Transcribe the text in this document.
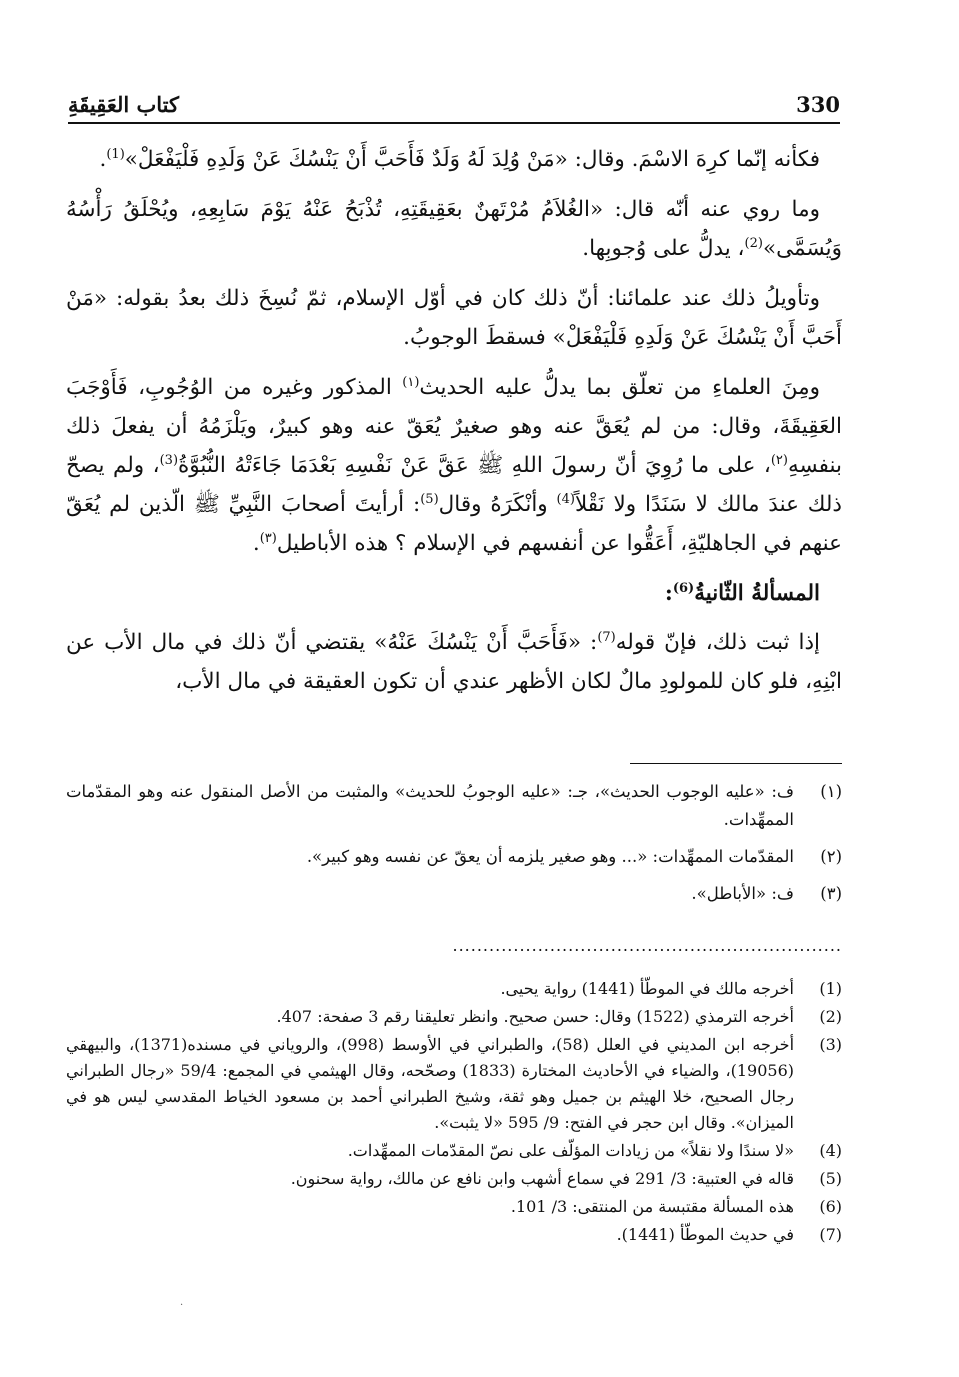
330
كتاب العَقِيقَةِ

فكأنه إنّما كرِهَ الاسْمَ. وقال: «مَنْ وُلِدَ لَهُ وَلَدٌ فَأَحَبَّ أَنْ يَنْسُكَ عَنْ وَلَدِهِ فَلْيَفْعَلْ»$^{(1)}$.

وما روي عنه أنّه قال: «الغُلاَمُ مُرْتَهنٌ بعَقِيقَتِهِ، تُذْبَحُ عَنْهُ يَوْمَ سَابِعِهِ، ويُحْلَقُ رَأْسُهُ وَيُسَمَّى»$^{(2)}$، يدلُّ على وُجوبِها.

وتأويلُ ذلك عند علمائنا: أنّ ذلك كان في أوّل الإسلام، ثمّ نُسِخَ ذلك بعدُ بقوله: «مَنْ أَحَبَّ أَنْ يَنْسُكَ عَنْ وَلَدِهِ فَلْيَفْعَلْ» فسقطَ الوجوبُ.

ومِنَ العلماءِ من تعلّق بما يدلُّ عليه الحديث$^{(١)}$ المذكور وغيره من الوُجُوبِ، فَأَوْجَبَ العَقِيقَةَ، وقال: من لم يُعَقَّ عنه وهو صغيرٌ يُعَقّ عنه وهو كبيرٌ، ويَلْزَمُهُ أن يفعلَ ذلك بنفسِهِ$^{(٢)}$، على ما رُوِيَ أنّ رسولَ اللهِ ﷺ عَقَّ عَنْ نَفْسِهِ بَعْدَمَا جَاءَتْهُ النُّبُوَّةُ$^{(3)}$، ولم يصحّ ذلك عندَ مالك لا سَنَدًا ولا نَقْلاً$^{(4)}$ وأنْكَرَهُ وقال$^{(5)}$: أرأيتَ أصحابَ النَّبِيِّ ﷺ الّذين لم يُعَقّ عنهم في الجاهليّةِ، أَعَقُّوا عن أنفسهم في الإسلام ؟ هذه الأباطيل$^{(٣)}$.

المسألةُ الثّانيةُ$^{(6)}$:

إذا ثبت ذلك، فإنّ قوله$^{(7)}$: «فَأَحَبَّ أَنْ يَنْسُكَ عَنْهُ» يقتضي أنّ ذلك في مال الأب عن ابْنِهِ، فلو كان للمولودِ مالٌ لكان الأظهر عندي أن تكون العقيقة في مال الأب،

(١)
ف: «عليه الوجوب الحديث»، جـ: «عليه الوجوبُ للحديث» والمثبت من الأصل المنقول عنه وهو المقدّمات الممهِّدات.
(٢)
المقدّمات الممهِّدات: «... وهو صغير يلزمه أن يعقّ عن نفسه وهو كبير».
(٣)
ف: «الأباطل».
................................................................
(1)
أخرجه مالك في الموطّأ (1441) رواية يحيى.
(2)
أخرجه الترمذي (1522) وقال: حسن صحيح. وانظر تعليقنا رقم 3 صفحة: 407.
(3)
أخرجه ابن المديني في العلل (58)، والطبراني في الأوسط (998)، والروياني في مسنده(1371)، والبيهقي (19056)، والضياء في الأحاديث المختارة (1833) وصحّحه، وقال الهيثمي في المجمع: 59/4 «رجال الطبراني رجال الصحيح، خلا الهيثم بن جميل وهو ثقة، وشيخ الطبراني أحمد بن مسعود الخياط المقدسي ليس هو في الميزان». وقال ابن حجر في الفتح: 9/ 595 «لا يثبت».
(4)
«لا سندًا ولا نقلاً» من زيادات المؤلّف على نصّ المقدّمات الممهِّدات.
(5)
قاله في العتبية: 3/ 291 في سماع أشهب وابن نافع عن مالك، رواية سحنون.
(6)
هذه المسألة مقتبسة من المنتقى: 3/ 101.
(7)
في حديث الموطّأ (1441).
·
